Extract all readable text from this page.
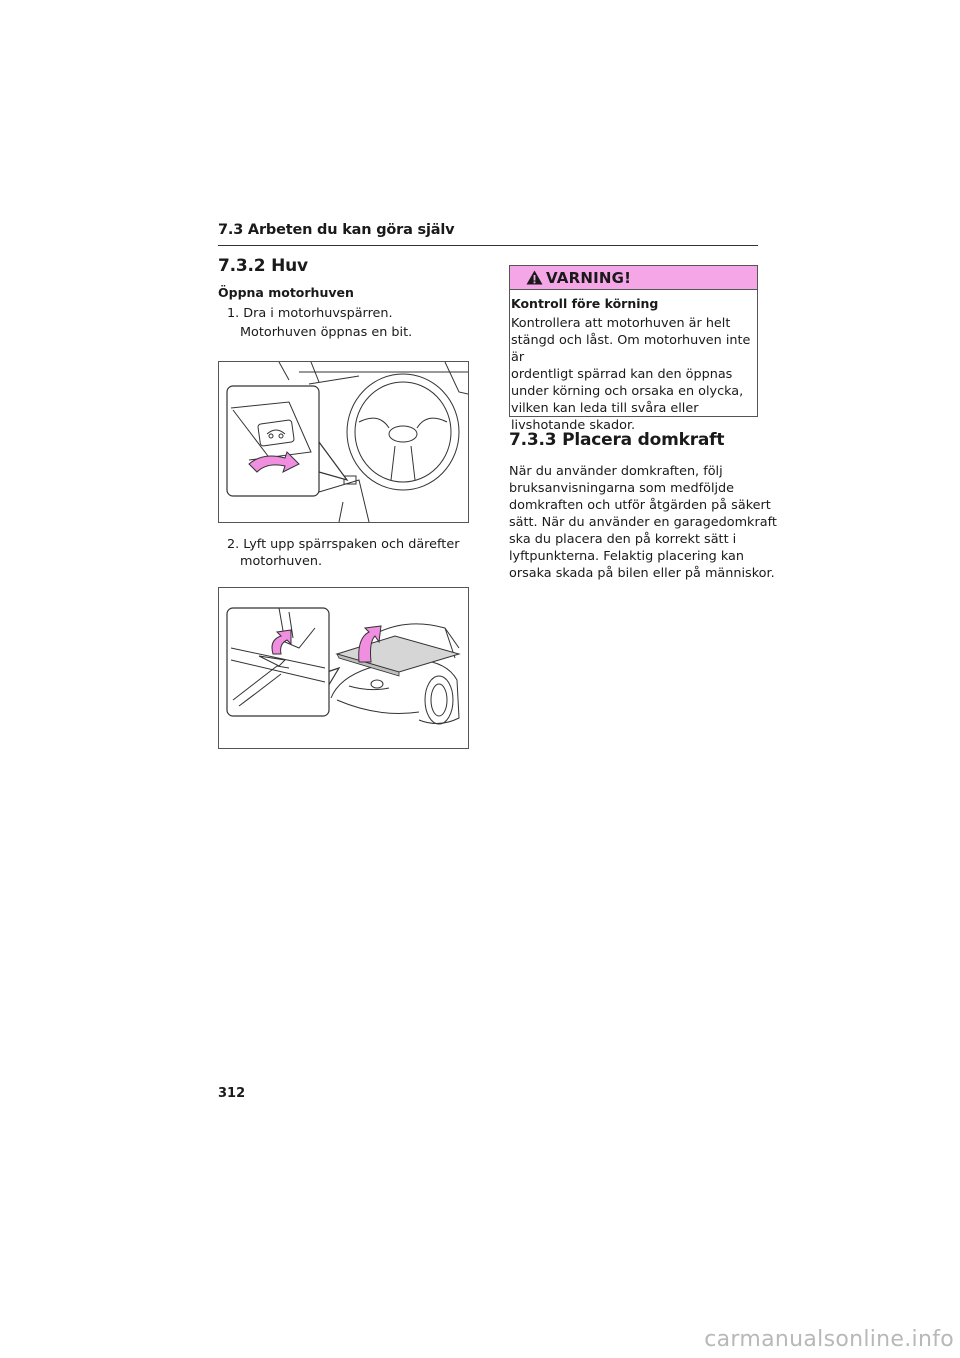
7.3 Arbeten du kan göra själv
7.3.2 Huv
Öppna motorhuven
1. Dra i motorhuvspärren.
Motorhuven öppnas en bit.
2. Lyft upp spärrspaken och därefter
motorhuven.
VARNING!
Kontroll före körning
Kontrollera att motorhuven är helt
stängd och låst. Om motorhuven inte är
ordentligt spärrad kan den öppnas
under körning och orsaka en olycka,
vilken kan leda till svåra eller
livshotande skador.
7.3.3 Placera domkraft
När du använder domkraften, följ
bruksanvisningarna som medföljde
domkraften och utför åtgärden på säkert
sätt. När du använder en garagedomkraft
ska du placera den på korrekt sätt i
lyftpunkterna. Felaktig placering kan
orsaka skada på bilen eller på människor.
312
carmanualsonline.info
